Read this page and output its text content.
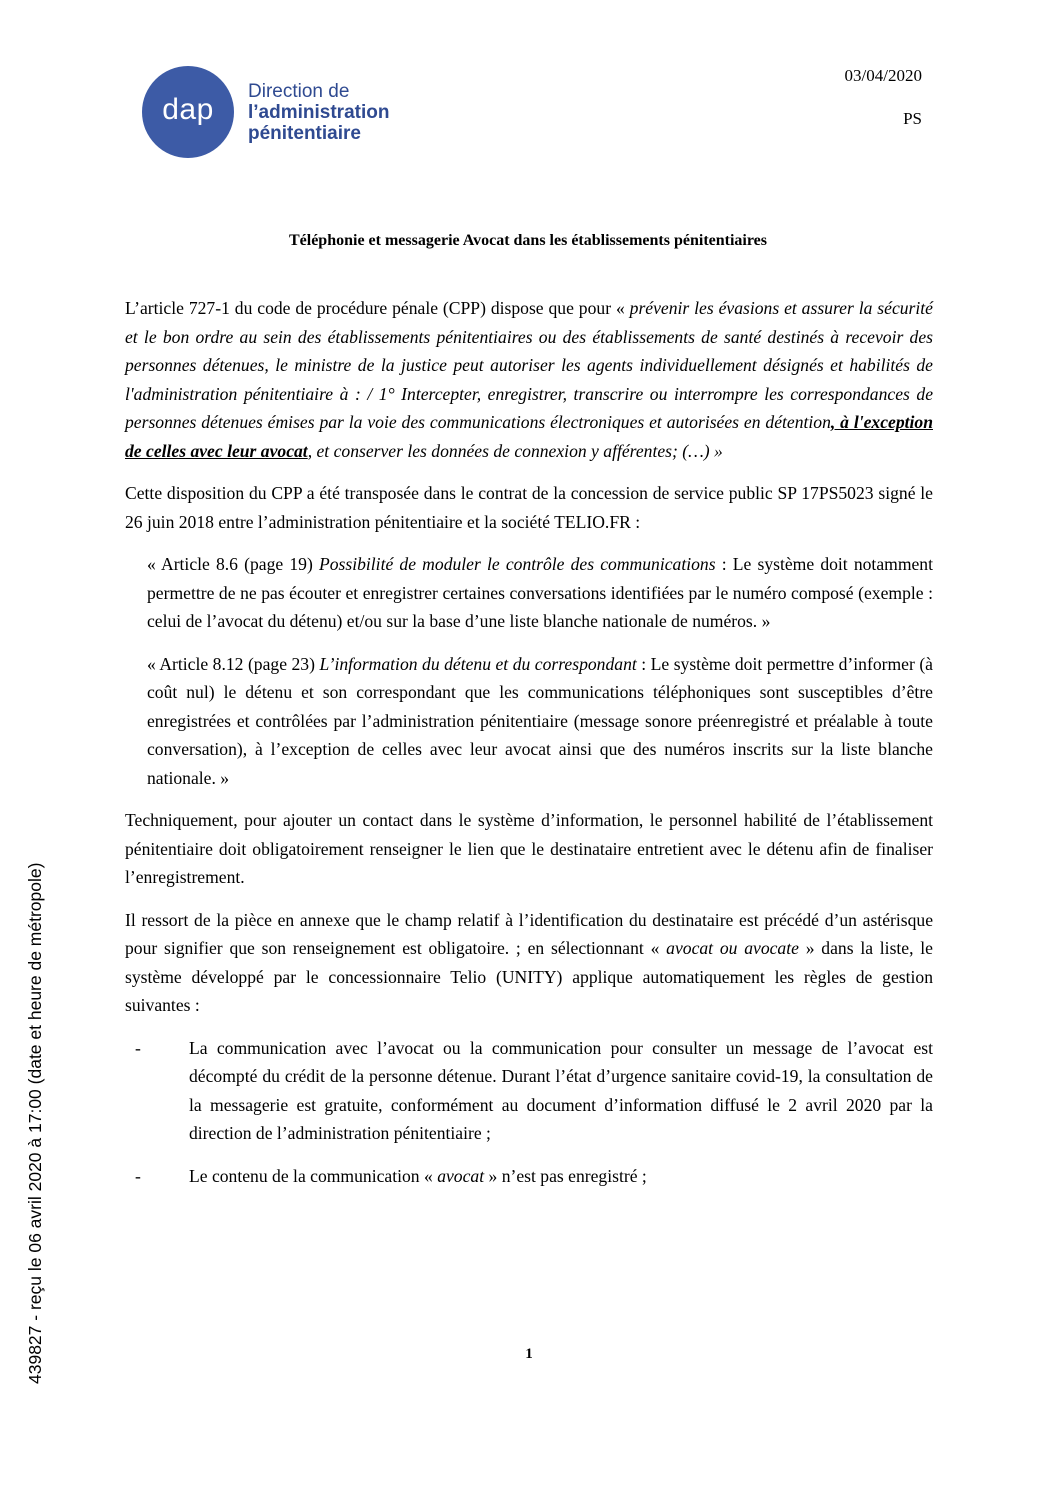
dap
Direction de
l’administration
pénitentiaire
03/04/2020
PS
Téléphonie et messagerie Avocat dans les établissements pénitentiaires

L’article 727-1 du code de procédure pénale (CPP) dispose que pour « prévenir les évasions et assurer la sécurité et le bon ordre au sein des établissements pénitentiaires ou des établissements de santé destinés à recevoir des personnes détenues, le ministre de la justice peut autoriser les agents individuellement désignés et habilités de l'administration pénitentiaire à : / 1° Intercepter, enregistrer, transcrire ou interrompre les correspondances de personnes détenues émises par la voie des communications électroniques et autorisées en détention, à l'exception de celles avec leur avocat, et conserver les données de connexion y afférentes; (…) »

Cette disposition du CPP a été transposée dans le contrat de la concession de service public SP 17PS5023 signé le 26 juin 2018 entre l’administration pénitentiaire et la société TELIO.FR :

« Article 8.6 (page 19) Possibilité de moduler le contrôle des communications : Le système doit notamment permettre de ne pas écouter et enregistrer certaines conversations identifiées par le numéro composé (exemple : celui de l’avocat du détenu) et/ou sur la base d’une liste blanche nationale de numéros. »

« Article 8.12 (page 23) L’information du détenu et du correspondant : Le système doit permettre d’informer (à coût nul) le détenu et son correspondant que les communications téléphoniques sont susceptibles d’être enregistrées et contrôlées par l’administration pénitentiaire (message sonore préenregistré et préalable à toute conversation), à l’exception de celles avec leur avocat ainsi que des numéros inscrits sur la liste blanche nationale. »

Techniquement, pour ajouter un contact dans le système d’information, le personnel habilité de l’établissement pénitentiaire doit obligatoirement renseigner le lien que le destinataire entretient avec le détenu afin de finaliser l’enregistrement.

Il ressort de la pièce en annexe que le champ relatif à l’identification du destinataire est précédé d’un astérisque pour signifier que son renseignement est obligatoire. ; en sélectionnant « avocat ou avocate » dans la liste, le système développé par le concessionnaire Telio (UNITY) applique automatiquement les règles de gestion suivantes :

-	La communication avec l’avocat ou la communication pour consulter un message de l’avocat est décompté du crédit de la personne détenue. Durant l’état d’urgence sanitaire covid-19, la consultation de la messagerie est gratuite, conformément au document d’information diffusé le 2 avril 2020 par la direction de l’administration pénitentiaire ;
-	Le contenu de la communication « avocat » n’est pas enregistré ;
1
439827 - reçu le 06 avril 2020 à 17:00 (date et heure de métropole)
